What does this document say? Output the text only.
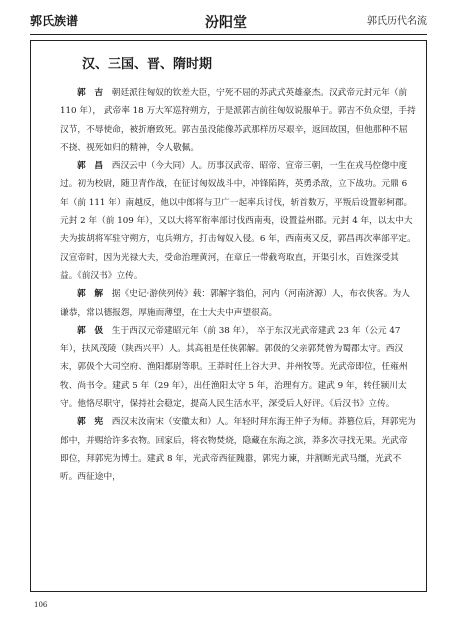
郭氏族谱	汾阳堂	郭氏历代名流
汉、三国、晋、隋时期

郭　吉　朝廷派往匈奴的钦差大臣，宁死不屈的苏武式英雄豪杰。汉武帝元封元年（前 110 年）， 武帝率 18 万大军巡狩朔方，于是派郭吉前往匈奴说服单于。郭吉不负众望，手持汉节，不辱使命，被折磨致死。郭吉虽没能像苏武那样历尽艰辛，返回故国，但他那种不屈不挠、视死如归的精神，令人敬佩。

郭　昌　西汉云中（今大同）人。历事汉武帝、昭帝、宣帝三朝，一生在戎马倥偬中度过。初为校尉，随卫青作战，在征讨匈奴战斗中，冲锋陷阵，英勇杀敌，立下战功。元鼎 6 年（前 111 年）南越反，他以中郎将与卫广一起率兵讨伐，斩首数万，平叛后设置彰柯郡。元封 2 年（前 109 年），又以大将军衔率部讨伐西南夷，设置益州郡。元封 4 年，以太中大夫为拔胡将军驻守朔方，屯兵朔方，打击匈奴入侵。6 年，西南夷又反，郭昌再次率部平定。汉宣帝时，因为光禄大夫，受命治理黄河，在章丘一带截弯取直，开渠引水，百姓深受其益。《前汉书》立传。

郭　解　据《史记·游侠列传》载：郭解字翁伯，河内（河南济源）人，布衣侠客。为人谦恭，常以德报怨，厚施而薄望，在士大夫中声望很高。

郭　伋　生于西汉元帝建昭元年（前 38 年）， 卒于东汉光武帝建武 23 年（公元 47 年），扶风茂陵（陕西兴平）人。其高祖是任侠郭解。郭伋的父亲郭梵曾为蜀郡太守。西汉末，郭伋个大司空府、渔阳都尉等职。王莽时任上谷大尹、并州牧等。光武帝即位，任雍州牧、尚书令。建武 5 年（29 年），出任渔阳太守 5 年，治理有方。建武 9 年，转任颍川太守。他恪尽职守，保持社会稳定，提高人民生活水平，深受后人好评。《后汉书》立传。

郭　宪　西汉末汝南宋（安徽太和）人。年轻时拜东海王仲子为师。莽篡位后，拜郭宪为郎中，并赐给许多衣物。回家后，将衣物焚烧，隐藏在东海之滨，莽多次寻找无果。光武帝即位，拜郭宪为博士。建武 8 年，光武帝西征隗嚣，郭宪力谏，并割断光武马缰，光武不听。西征途中，

106
